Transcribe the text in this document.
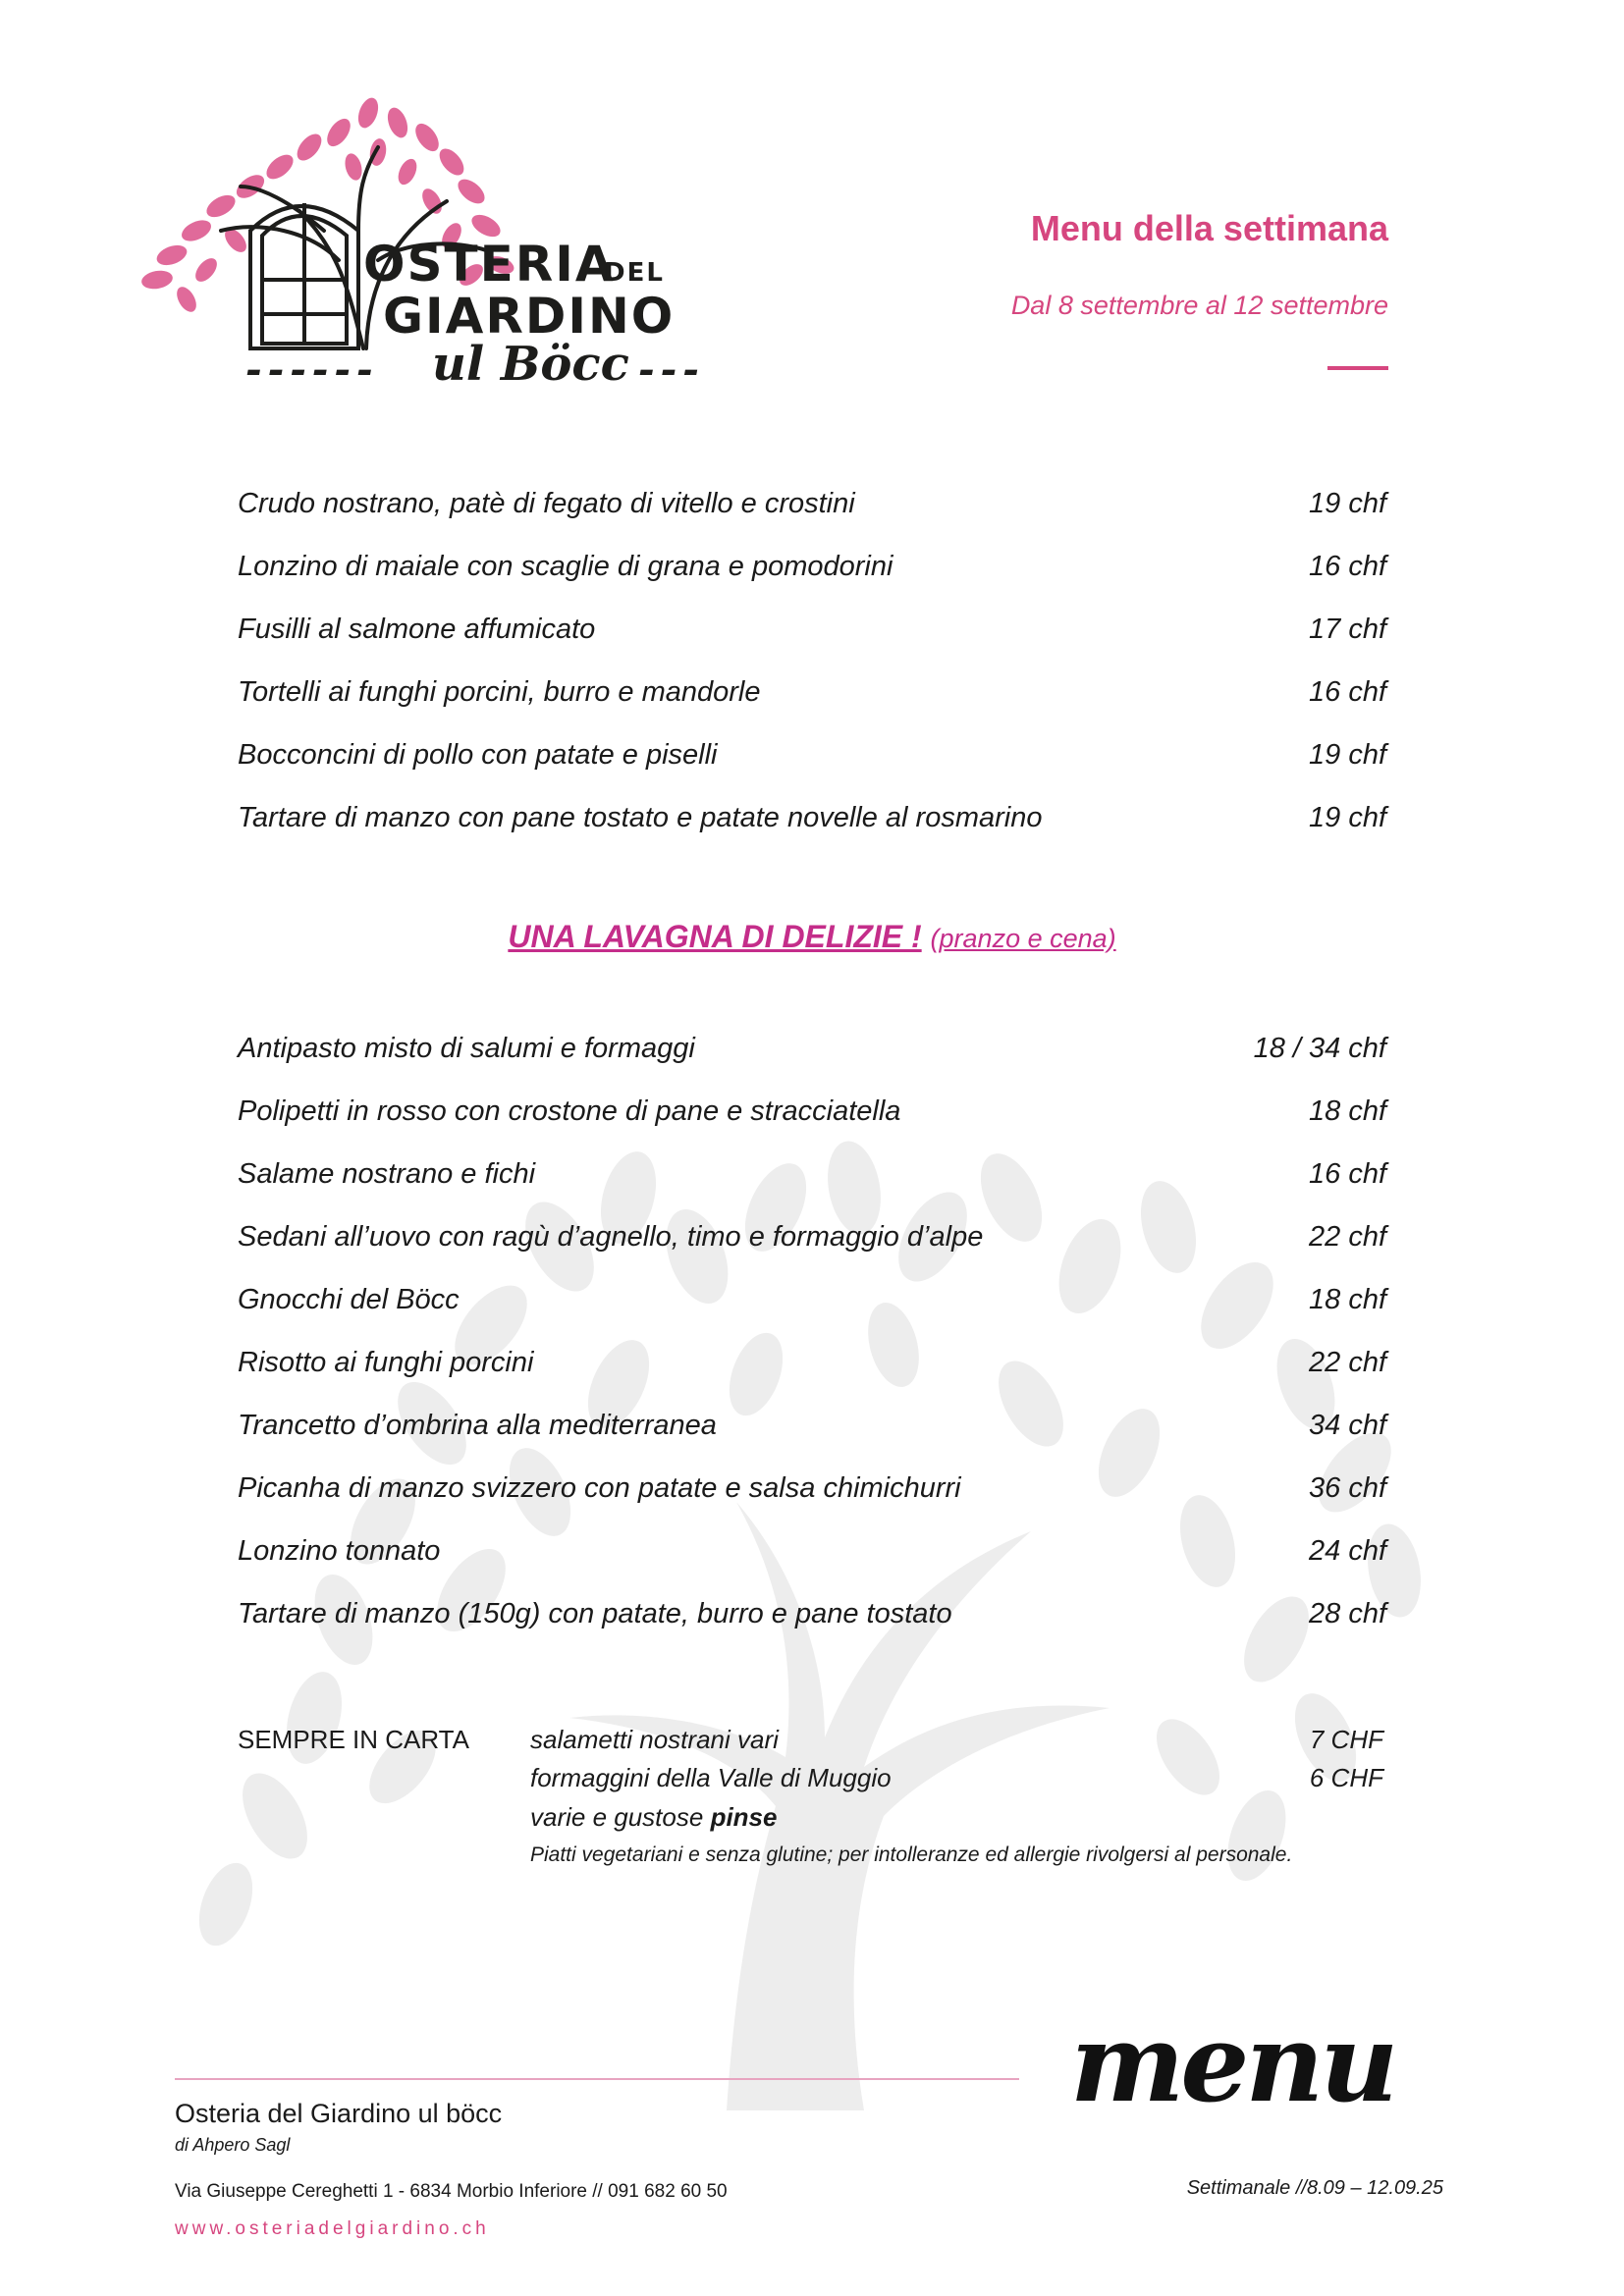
OSTERIA
DEL
GIARDINO
------ ul Böcc ---
Menu della settimana
Dal 8 settembre al 12 settembre
Crudo nostrano, patè di fegato di vitello e crostini	19 chf
Lonzino di maiale con scaglie di grana e pomodorini	16 chf
Fusilli al salmone affumicato	17 chf
Tortelli ai funghi porcini, burro e mandorle	16 chf
Bocconcini di pollo con patate e piselli	19 chf
Tartare di manzo con pane tostato e patate novelle al rosmarino	19 chf
UNA LAVAGNA DI DELIZIE ! (pranzo e cena)
Antipasto misto di salumi e formaggi	18 / 34 chf
Polipetti in rosso con crostone di pane e stracciatella	18 chf
Salame nostrano e fichi	16 chf
Sedani all’uovo con ragù d’agnello, timo e formaggio d’alpe	22 chf
Gnocchi del Böcc	18 chf
Risotto ai funghi porcini	22 chf
Trancetto d’ombrina alla mediterranea	34 chf
Picanha di manzo svizzero con patate e salsa chimichurri	36 chf
Lonzino tonnato	24 chf
Tartare di manzo (150g) con patate, burro e pane tostato	28 chf
SEMPRE IN CARTA salametti nostrani vari	7 CHF
formaggini della Valle di Muggio	6 CHF
varie e gustose pinse
Piatti vegetariani e senza glutine; per intolleranze ed allergie rivolgersi al personale.
Osteria del Giardino ul böcc
di Ahpero Sagl
Via Giuseppe Cereghetti 1 - 6834 Morbio Inferiore // 091 682 60 50
www.osteriadelgiardino.ch
Settimanale //8.09 – 12.09.25
menu
